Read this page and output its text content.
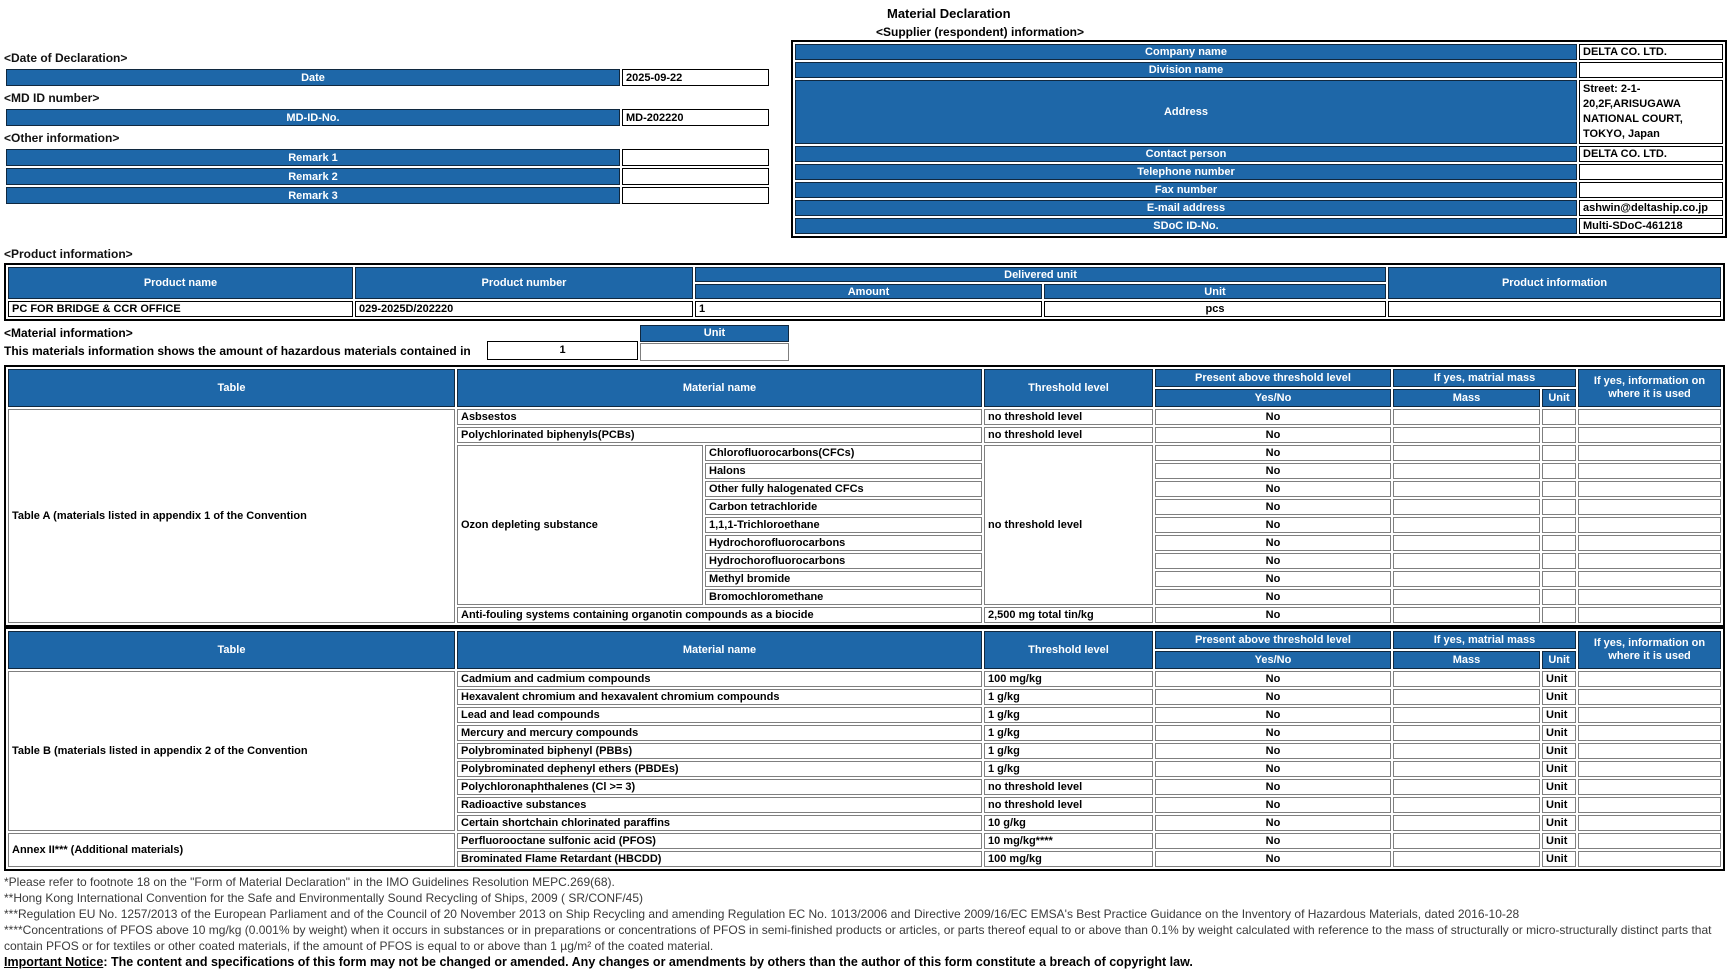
<Date of Declaration>
Date	2025-09-22
<MD ID number>
MD-ID-No.	MD-202220
<Other information>
Remark 1	
Remark 2	
Remark 3	
Material Declaration
<Supplier (respondent) information>
Company name	DELTA CO. LTD.
Division name	
Address	Street: 2-1-20,2F,ARISUGAWA NATIONAL COURT, TOKYO, Japan
Contact person	DELTA CO. LTD.
Telephone number	
Fax number	
E-mail address	ashwin@deltaship.co.jp
SDoC ID-No.	Multi-SDoC-461218
<Product information>
Product name	Product number	Delivered unit		Product information
		Amount	Unit	
PC FOR BRIDGE & CCR OFFICE	029-2025D/202220	1	pcs	
<Material information>
This materials information shows the amount of hazardous materials contained in	1
Unit
Table	Material name		Threshold level	Present above threshold level	If yes, matrial mass		If yes, information on where it is used
				Yes/No	Mass	Unit	
Table A (materials listed in appendix 1 of the Convention	Asbsestos		no threshold level	No			
	Polychlorinated biphenyls(PCBs)		no threshold level	No			
	Ozon depleting substance	Chlorofluorocarbons(CFCs)	no threshold level	No			
		Halons		No			
		Other fully halogenated CFCs		No			
		Carbon tetrachloride		No			
		1,1,1-Trichloroethane		No			
		Hydrochorofluorocarbons		No			
		Hydrochorofluorocarbons		No			
		Methyl bromide		No			
		Bromochloromethane		No			
	Anti-fouling systems containing organotin compounds as a biocide		2,500 mg total tin/kg	No			
Table	Material name	Threshold level	Present above threshold level	If yes, matrial mass		If yes, information on where it is used
			Yes/No	Mass	Unit	
Table B (materials listed in appendix 2 of the Convention	Cadmium and cadmium compounds	100 mg/kg	No		Unit	
	Hexavalent chromium and hexavalent chromium compounds	1 g/kg	No		Unit	
	Lead and lead compounds	1 g/kg	No		Unit	
	Mercury and mercury compounds	1 g/kg	No		Unit	
	Polybrominated biphenyl (PBBs)	1 g/kg	No		Unit	
	Polybrominated dephenyl ethers (PBDEs)	1 g/kg	No		Unit	
	Polychloronaphthalenes (Cl >= 3)	no threshold level	No		Unit	
	Radioactive substances	no threshold level	No		Unit	
	Certain shortchain chlorinated paraffins	10 g/kg	No		Unit	
Annex II*** (Additional materials)	Perfluorooctane sulfonic acid (PFOS)	10 mg/kg****	No		Unit	
	Brominated Flame Retardant (HBCDD)	100 mg/kg	No		Unit	
*Please refer to footnote 18 on the "Form of Material Declaration" in the IMO Guidelines Resolution MEPC.269(68).
**Hong Kong International Convention for the Safe and Environmentally Sound Recycling of Ships, 2009 ( SR/CONF/45)
***Regulation EU No. 1257/2013 of the European Parliament and of the Council of 20 November 2013 on Ship Recycling and amending Regulation EC No. 1013/2006 and Directive 2009/16/EC EMSA's Best Practice Guidance on the Inventory of Hazardous Materials, dated 2016-10-28
****Concentrations of PFOS above 10 mg/kg (0.001% by weight) when it occurs in substances or in preparations or concentrations of PFOS in semi-finished products or articles, or parts thereof equal to or above than 0.1% by weight calculated with reference to the mass of structurally or micro-structurally distinct parts that contain PFOS or for textiles or other coated materials, if the amount of PFOS is equal to or above than 1 µg/m² of the coated material.
Important Notice: The content and specifications of this form may not be changed or amended. Any changes or amendments by others than the author of this form constitute a breach of copyright law.
